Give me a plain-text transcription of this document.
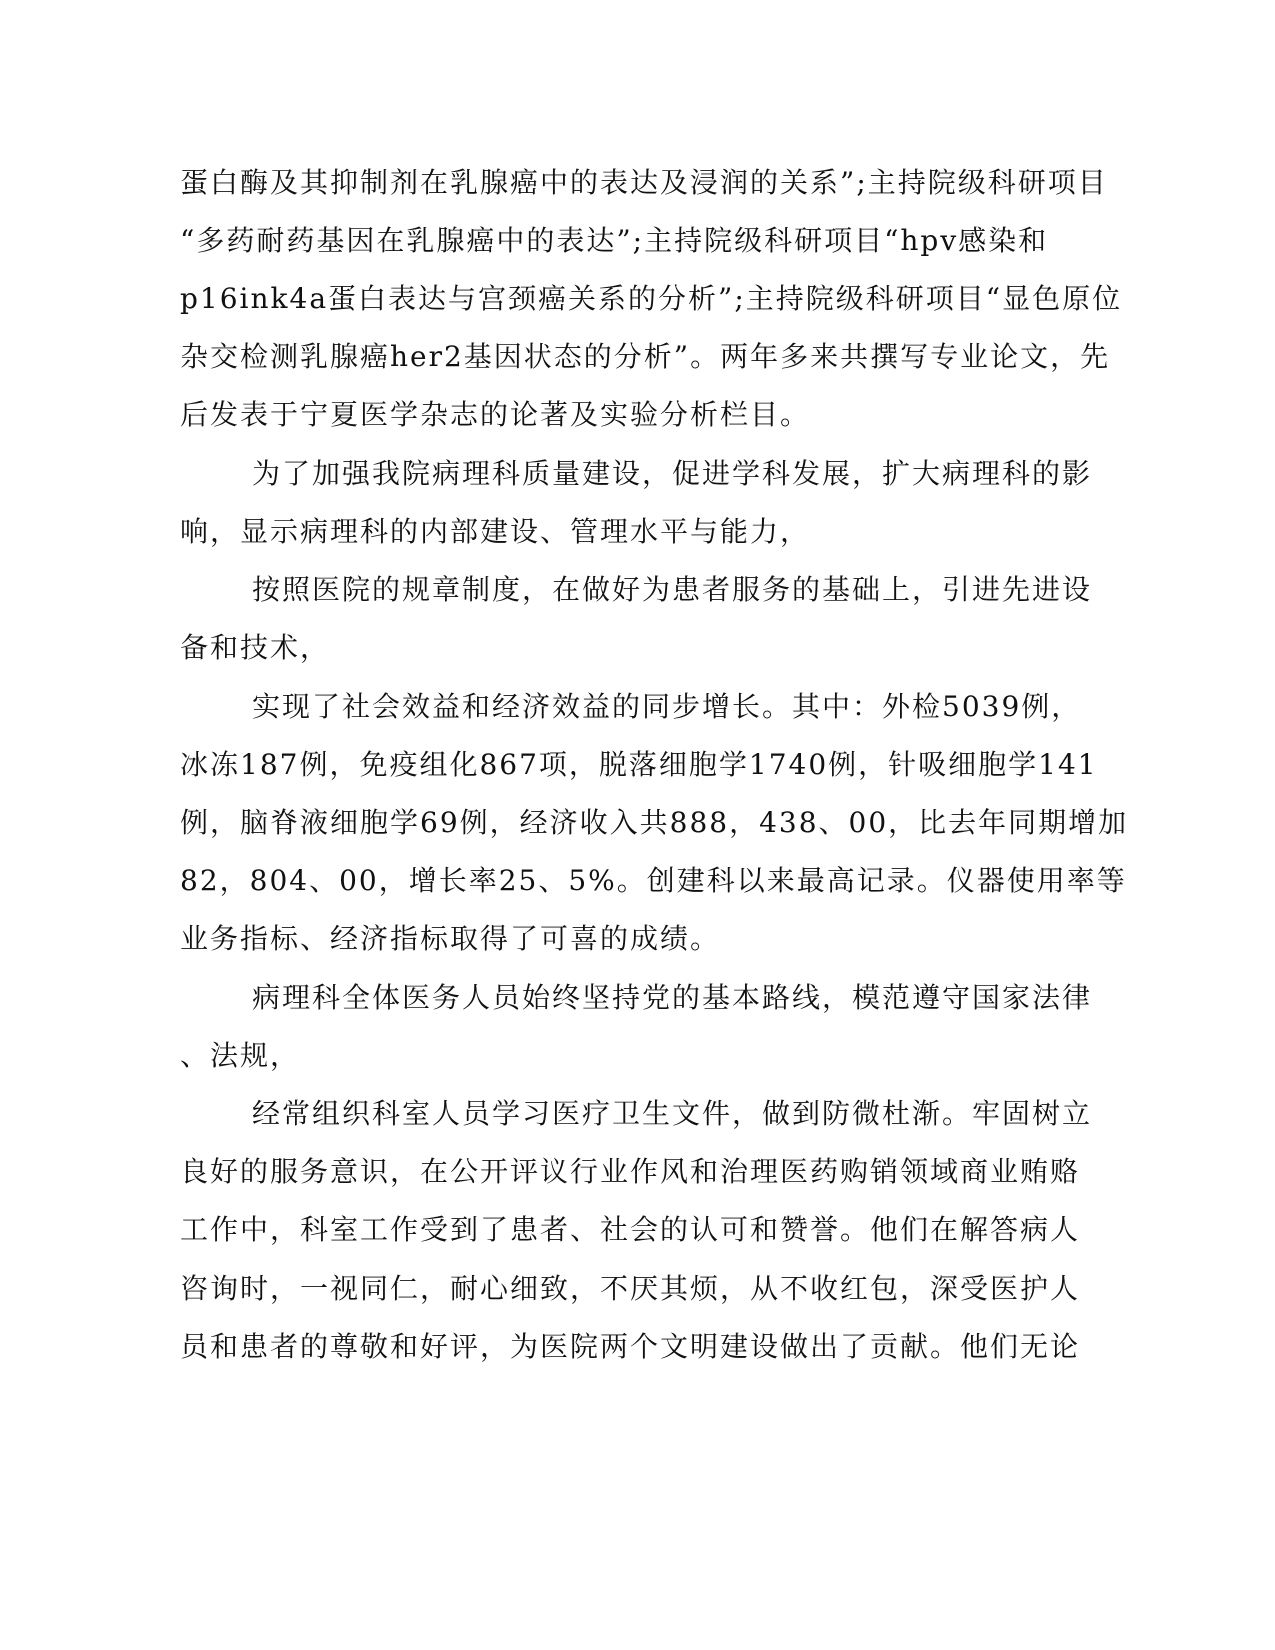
蛋白酶及其抑制剂在乳腺癌中的表达及浸润的关系”;主持院级科研项目
“多药耐药基因在乳腺癌中的表达”;主持院级科研项目“hpv感染和
p16ink4a蛋白表达与宫颈癌关系的分析”;主持院级科研项目“显色原位
杂交检测乳腺癌her2基因状态的分析”。两年多来共撰写专业论文，先
后发表于宁夏医学杂志的论著及实验分析栏目。
为了加强我院病理科质量建设，促进学科发展，扩大病理科的影
响，显示病理科的内部建设、管理水平与能力，
按照医院的规章制度，在做好为患者服务的基础上，引进先进设
备和技术，
实现了社会效益和经济效益的同步增长。其中：外检5039例，
冰冻187例，免疫组化867项，脱落细胞学1740例，针吸细胞学141
例，脑脊液细胞学69例，经济收入共888，438、00，比去年同期增加
82，804、00，增长率25、5%。创建科以来最高记录。仪器使用率等
业务指标、经济指标取得了可喜的成绩。
病理科全体医务人员始终坚持党的基本路线，模范遵守国家法律
、法规，
经常组织科室人员学习医疗卫生文件，做到防微杜渐。牢固树立
良好的服务意识，在公开评议行业作风和治理医药购销领域商业贿赂
工作中，科室工作受到了患者、社会的认可和赞誉。他们在解答病人
咨询时，一视同仁，耐心细致，不厌其烦，从不收红包，深受医护人
员和患者的尊敬和好评，为医院两个文明建设做出了贡献。他们无论
